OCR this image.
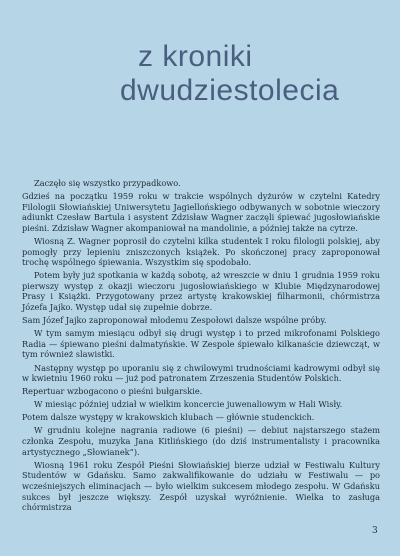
z kroniki
dwudziestolecia

Zaczęło się wszystko przypadkowo.

Gdzieś na początku 1959 roku w trakcie wspólnych dyżurów w czytelni Katedry Filologii Słowiańskiej Uniwersytetu Jagiellońskiego odbywanych w sobotnie wieczory adiunkt Czesław Bartula i asystent Zdzisław Wagner zaczęli śpiewać jugosłowiańskie pieśni. Zdzisław Wagner akompaniował na mandolinie, a później także na cytrze.

Wiosną Z. Wagner poprosił do czytelni kilka studentek I roku filologii polskiej, aby pomogły przy lepieniu zniszczonych książek. Po skończonej pracy zaproponował trochę wspólnego śpiewania. Wszystkim się spodobało.

Potem były już spotkania w każdą sobotę, aż wreszcie w dniu 1 grudnia 1959 roku pierwszy występ z okazji wieczoru jugosłowiańskiego w Klubie Międzynarodowej Prasy i Książki. Przygotowany przez artystę krakowskiej filharmonii, chórmistrza Józefa Jajko. Występ udał się zupełnie dobrze.

Sam Józef Jajko zaproponował młodemu Zespołowi dalsze wspólne próby.

W tym samym miesiącu odbył się drugi występ i to przed mikrofonami Polskiego Radia — śpiewano pieśni dalmatyńskie. W Zespole śpiewało kilkanaście dziewcząt, w tym również slawistki.

Następny występ po uporaniu się z chwilowymi trudnościami kadrowymi odbył się w kwietniu 1960 roku — już pod patronatem Zrzeszenia Studentów Polskich.

Repertuar wzbogacono o pieśni bułgarskie.

W miesiąc później udział w wielkim koncercie juwenaliowym w Hali Wisły.

Potem dalsze występy w krakowskich klubach — głównie studenckich.

W grudniu kolejne nagrania radiowe (6 pieśni) — debiut najstarszego stażem członka Zespołu, muzyka Jana Kitlińskiego (do dziś instrumentalisty i pracownika artystycznego „Słowianek”).

Wiosną 1961 roku Zespół Pieśni Słowiańskiej bierze udział w Festiwalu Kultury Studentów w Gdańsku. Samo zakwalifikowanie do udziału w Festiwalu — po wcześniejszych eliminacjach — było wielkim sukcesem młodego zespołu. W Gdańsku sukces był jeszcze większy. Zespół uzyskał wyróżnienie. Wielka to zasługa chórmistrza

3
